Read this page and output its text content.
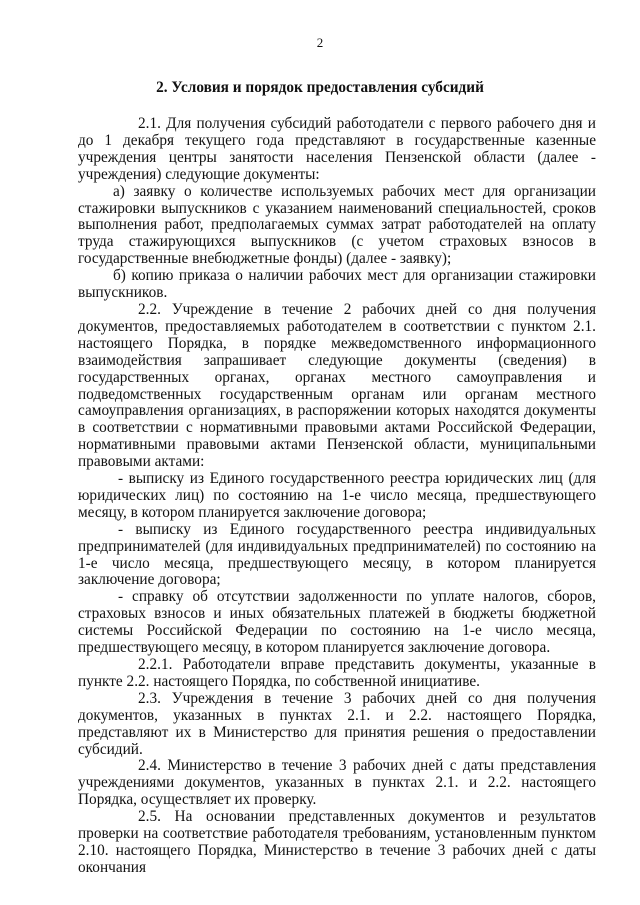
2
2. Условия и порядок предоставления субсидий

2.1. Для получения субсидий работодатели с первого рабочего дня и до 1 декабря текущего года представляют в государственные казенные учреждения центры занятости населения Пензенской области (далее - учреждения) следующие документы:

а) заявку о количестве используемых рабочих мест для организации стажировки выпускников с указанием наименований специальностей, сроков выполнения работ, предполагаемых суммах затрат работодателей на оплату труда стажирующихся выпускников (с учетом страховых взносов в государственные внебюджетные фонды) (далее - заявку);

б) копию приказа о наличии рабочих мест для организации стажировки выпускников.

2.2. Учреждение в течение 2 рабочих дней со дня получения документов, предоставляемых работодателем в соответствии с пунктом 2.1. настоящего Порядка, в порядке межведомственного информационного взаимодействия запрашивает следующие документы (сведения) в государственных органах, органах местного самоуправления и подведомственных государственным органам или органам местного самоуправления организациях, в распоряжении которых находятся документы в соответствии с нормативными правовыми актами Российской Федерации, нормативными правовыми актами Пензенской области, муниципальными правовыми актами:

- выписку из Единого государственного реестра юридических лиц (для юридических лиц) по состоянию на 1-е число месяца, предшествующего месяцу, в котором планируется заключение договора;

- выписку из Единого государственного реестра индивидуальных предпринимателей (для индивидуальных предпринимателей) по состоянию на 1-е число месяца, предшествующего месяцу, в котором планируется заключение договора;

- справку об отсутствии задолженности по уплате налогов, сборов, страховых взносов и иных обязательных платежей в бюджеты бюджетной системы Российской Федерации по состоянию на 1-е число месяца, предшествующего месяцу, в котором планируется заключение договора.

2.2.1. Работодатели вправе представить документы, указанные в пункте 2.2. настоящего Порядка, по собственной инициативе.

2.3. Учреждения в течение 3 рабочих дней со дня получения документов, указанных в пунктах 2.1. и 2.2. настоящего Порядка, представляют их в Министерство для принятия решения о предоставлении субсидий.

2.4. Министерство в течение 3 рабочих дней с даты представления учреждениями документов, указанных в пунктах 2.1. и 2.2. настоящего Порядка, осуществляет их проверку.

2.5. На основании представленных документов и результатов проверки на соответствие работодателя требованиям, установленным пунктом 2.10. настоящего Порядка, Министерство в течение 3 рабочих дней с даты окончания
